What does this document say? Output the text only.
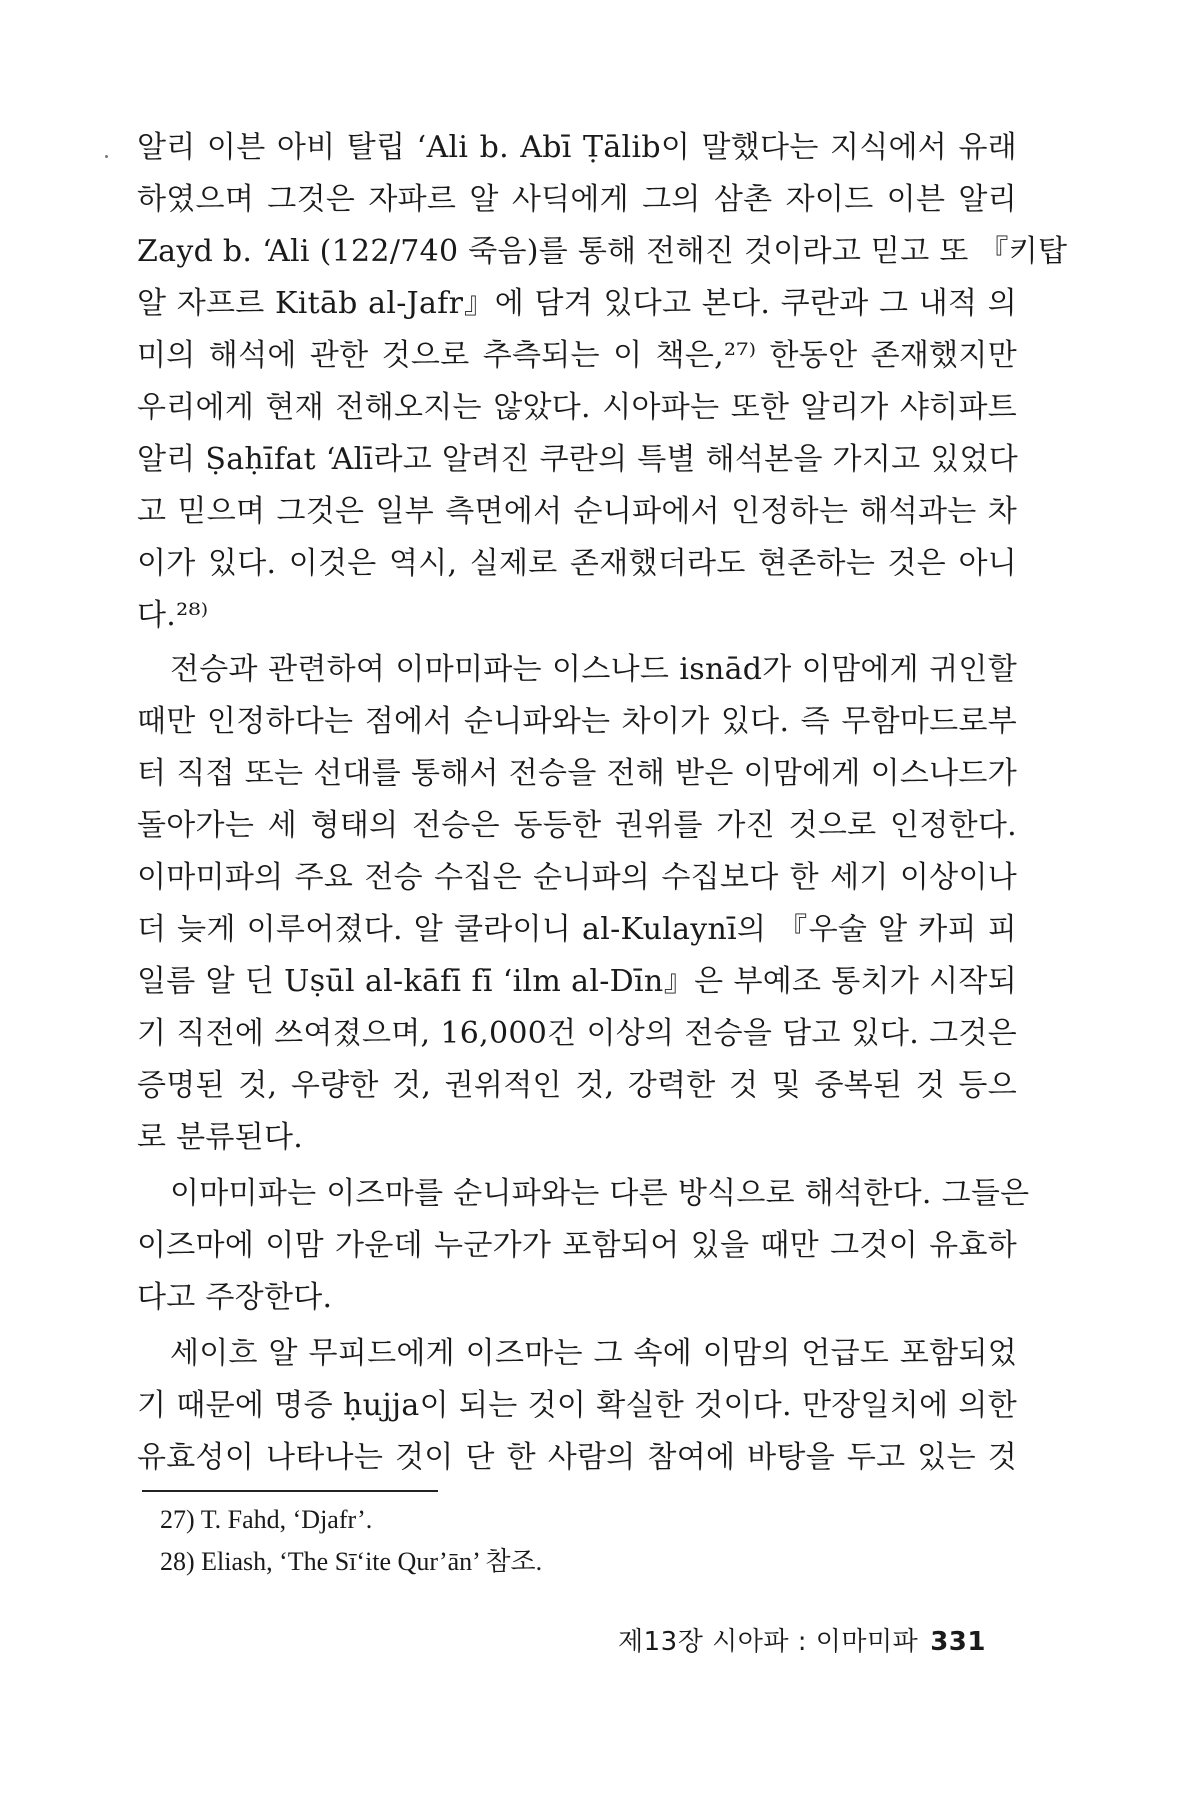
알리 이븐 아비 탈립 ‘Ali b. Abī Ṭālib이 말했다는 지식에서 유래
하였으며 그것은 자파르 알 사딕에게 그의 삼촌 자이드 이븐 알리
Zayd b. ‘Ali (122/740 죽음)를 통해 전해진 것이라고 믿고 또 『키탑
알 자프르 Kitāb al-Jafr』에 담겨 있다고 본다. 쿠란과 그 내적 의
미의 해석에 관한 것으로 추측되는 이 책은,²⁷⁾ 한동안 존재했지만
우리에게 현재 전해오지는 않았다. 시아파는 또한 알리가 샤히파트
알리 Ṣaḥīfat ‘Alī라고 알려진 쿠란의 특별 해석본을 가지고 있었다
고 믿으며 그것은 일부 측면에서 순니파에서 인정하는 해석과는 차
이가 있다. 이것은 역시, 실제로 존재했더라도 현존하는 것은 아니
다.²⁸⁾
전승과 관련하여 이마미파는 이스나드 isnād가 이맘에게 귀인할
때만 인정하다는 점에서 순니파와는 차이가 있다. 즉 무함마드로부
터 직접 또는 선대를 통해서 전승을 전해 받은 이맘에게 이스나드가
돌아가는 세 형태의 전승은 동등한 권위를 가진 것으로 인정한다.
이마미파의 주요 전승 수집은 순니파의 수집보다 한 세기 이상이나
더 늦게 이루어졌다. 알 쿨라이니 al-Kulaynī의 『우술 알 카피 피
일름 알 딘 Uṣūl al-kāfī fī ‘ilm al-Dīn』은 부예조 통치가 시작되
기 직전에 쓰여졌으며, 16,000건 이상의 전승을 담고 있다. 그것은
증명된 것, 우량한 것, 권위적인 것, 강력한 것 및 중복된 것 등으
로 분류된다.
이마미파는 이즈마를 순니파와는 다른 방식으로 해석한다. 그들은
이즈마에 이맘 가운데 누군가가 포함되어 있을 때만 그것이 유효하
다고 주장한다.
세이흐 알 무피드에게 이즈마는 그 속에 이맘의 언급도 포함되었
기 때문에 명증 ḥujja이 되는 것이 확실한 것이다. 만장일치에 의한
유효성이 나타나는 것이 단 한 사람의 참여에 바탕을 두고 있는 것
27) T. Fahd, ‘Djafr’.
28) Eliash, ‘The Sī‘ite Qur’ān’ 참조.
제13장 시아파 : 이마미파 331
